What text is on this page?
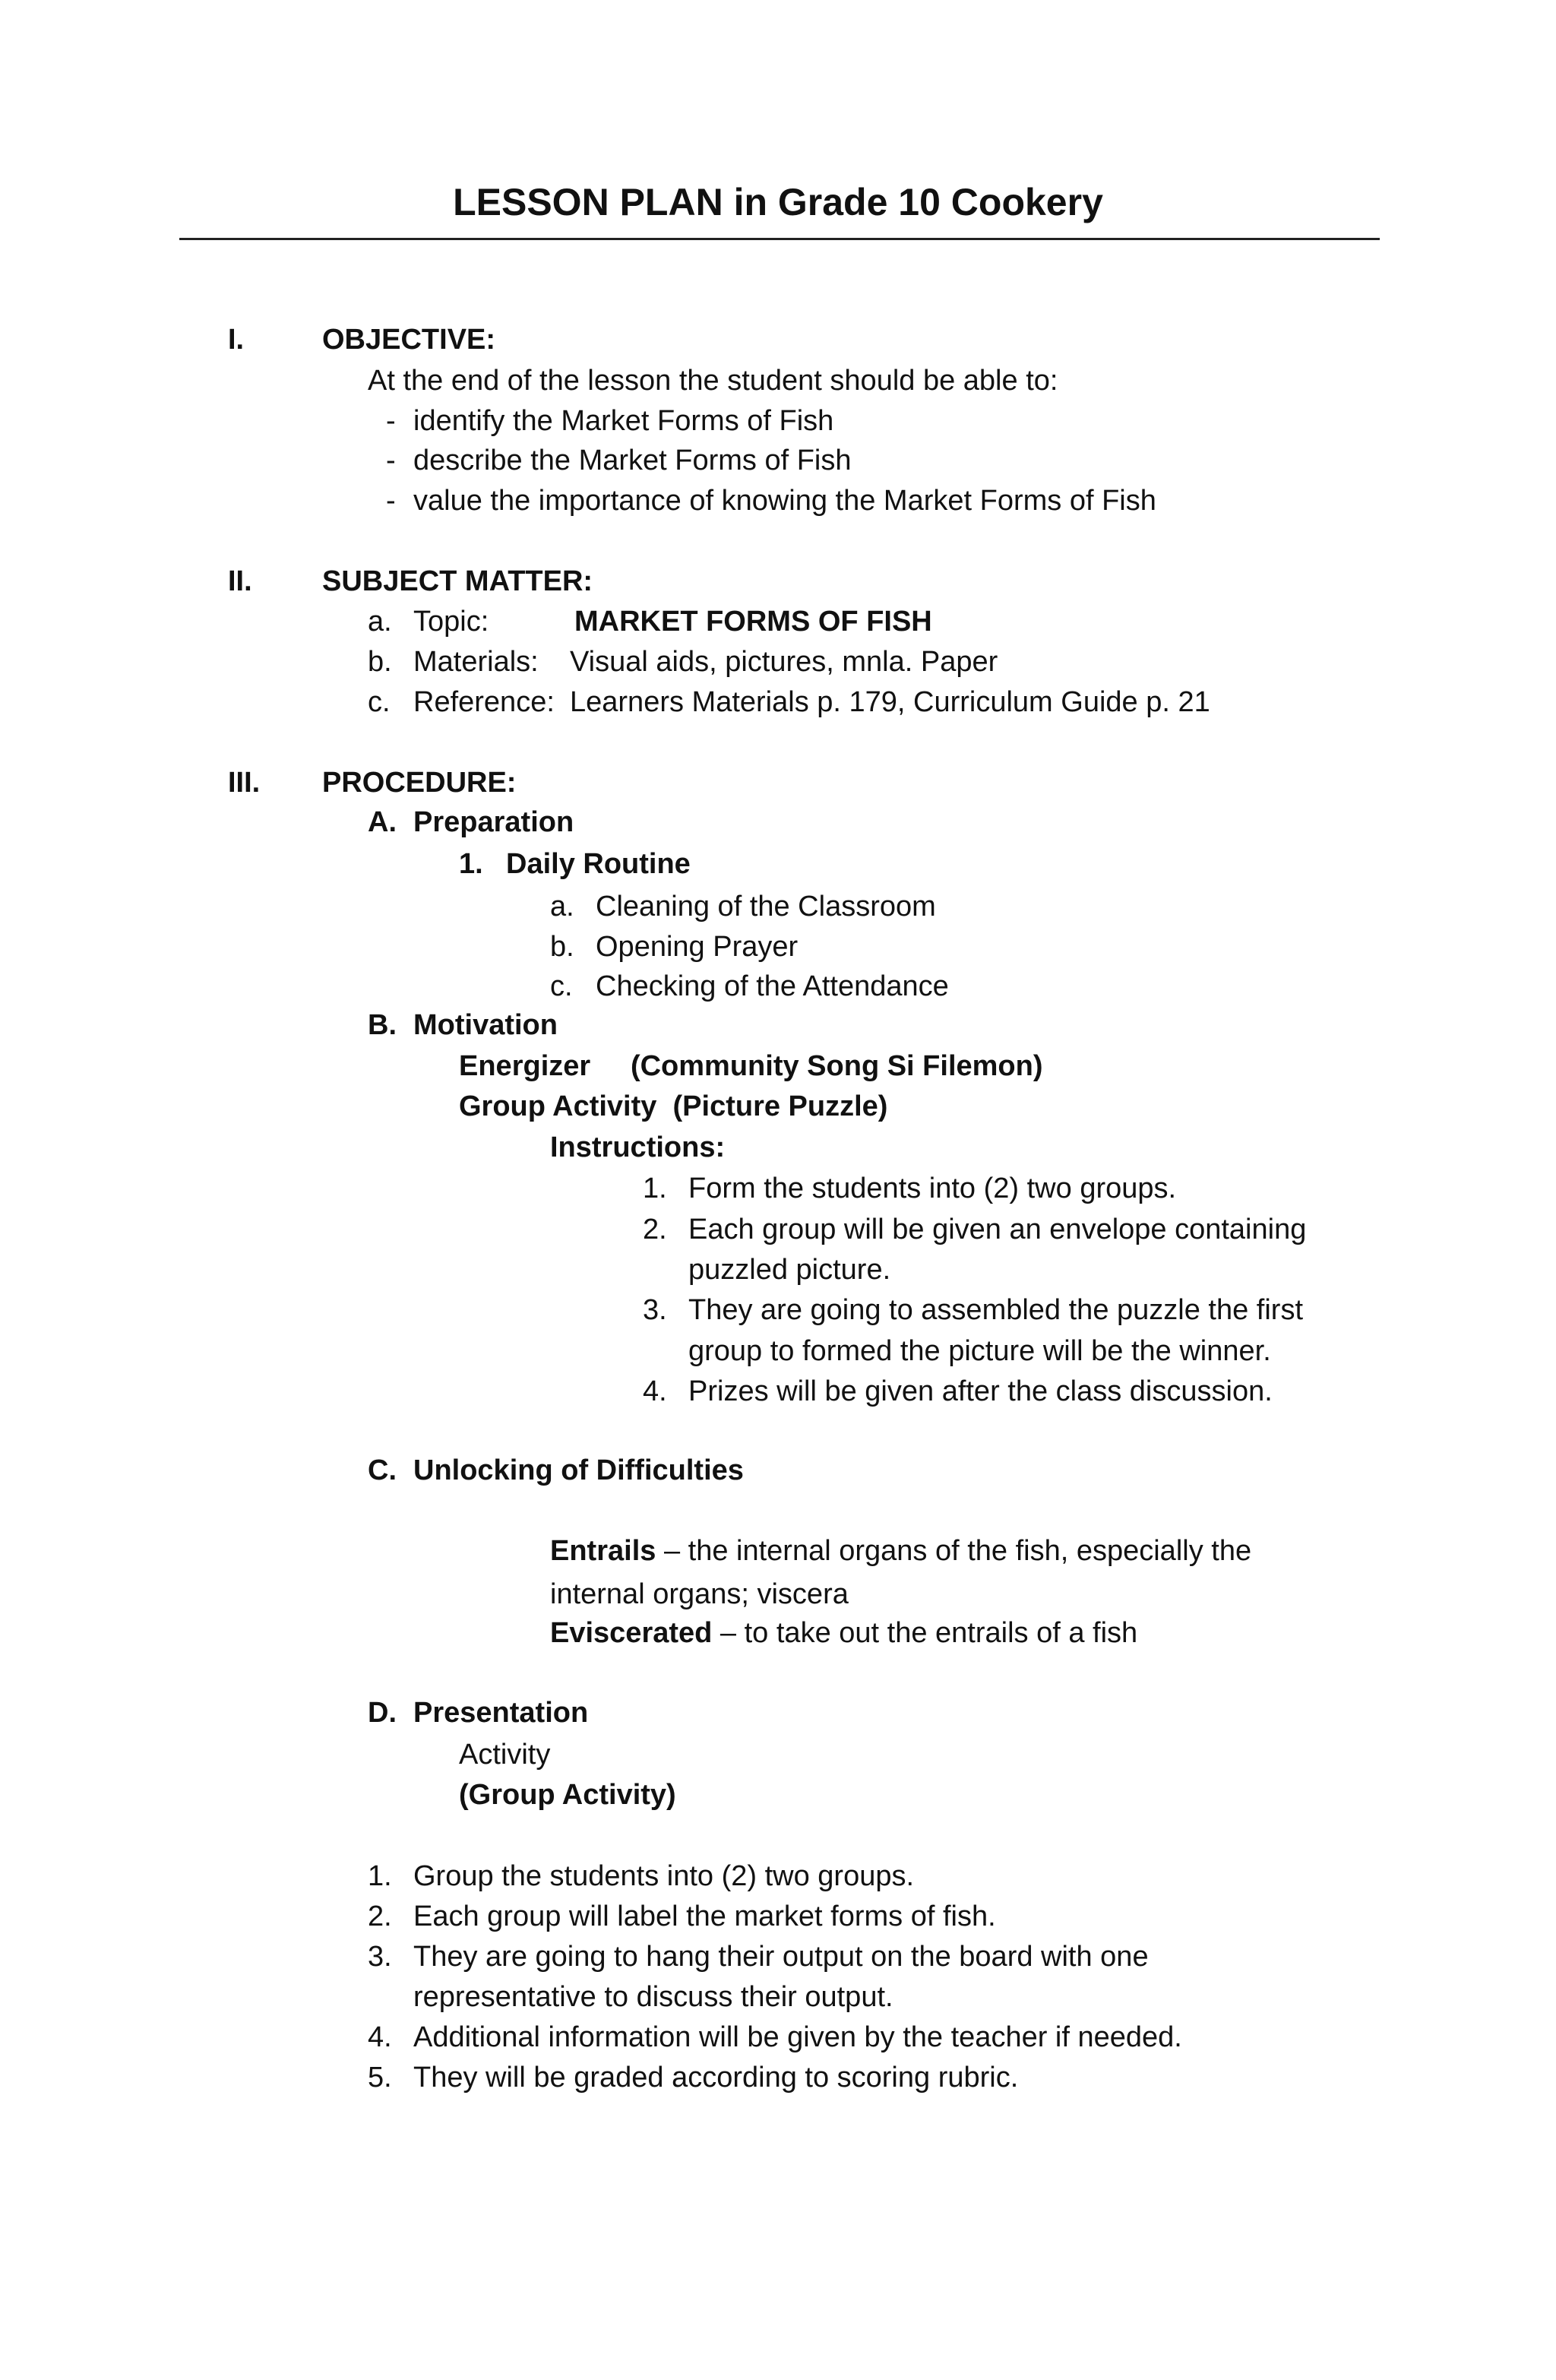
LESSON PLAN in Grade 10 Cookery
I.	OBJECTIVE:
At the end of the lesson the student should be able to:
- identify the Market Forms of Fish
- describe the Market Forms of Fish
- value the importance of knowing the Market Forms of Fish
II. SUBJECT MATTER:
a. Topic:	MARKET FORMS OF FISH
b. Materials: Visual aids, pictures, mnla. Paper
c. Reference: Learners Materials p. 179, Curriculum Guide p. 21
III. PROCEDURE:
A. Preparation
1. Daily Routine
a. Cleaning of the Classroom
b. Opening Prayer
c. Checking of the Attendance
B. Motivation
Energizer     (Community Song Si Filemon)
Group Activity  (Picture Puzzle)
Instructions:
1. Form the students into (2) two groups.
2. Each group will be given an envelope containing
puzzled picture.
3. They are going to assembled the puzzle the first
group to formed the picture will be the winner.
4. Prizes will be given after the class discussion.
C. Unlocking of Difficulties
Entrails – the internal organs of the fish, especially the
internal organs; viscera
Eviscerated – to take out the entrails of a fish
D. Presentation
Activity
(Group Activity)
1. Group the students into (2) two groups.
2. Each group will label the market forms of fish.
3. They are going to hang their output on the board with one
representative to discuss their output.
4. Additional information will be given by the teacher if needed.
5. They will be graded according to scoring rubric.
